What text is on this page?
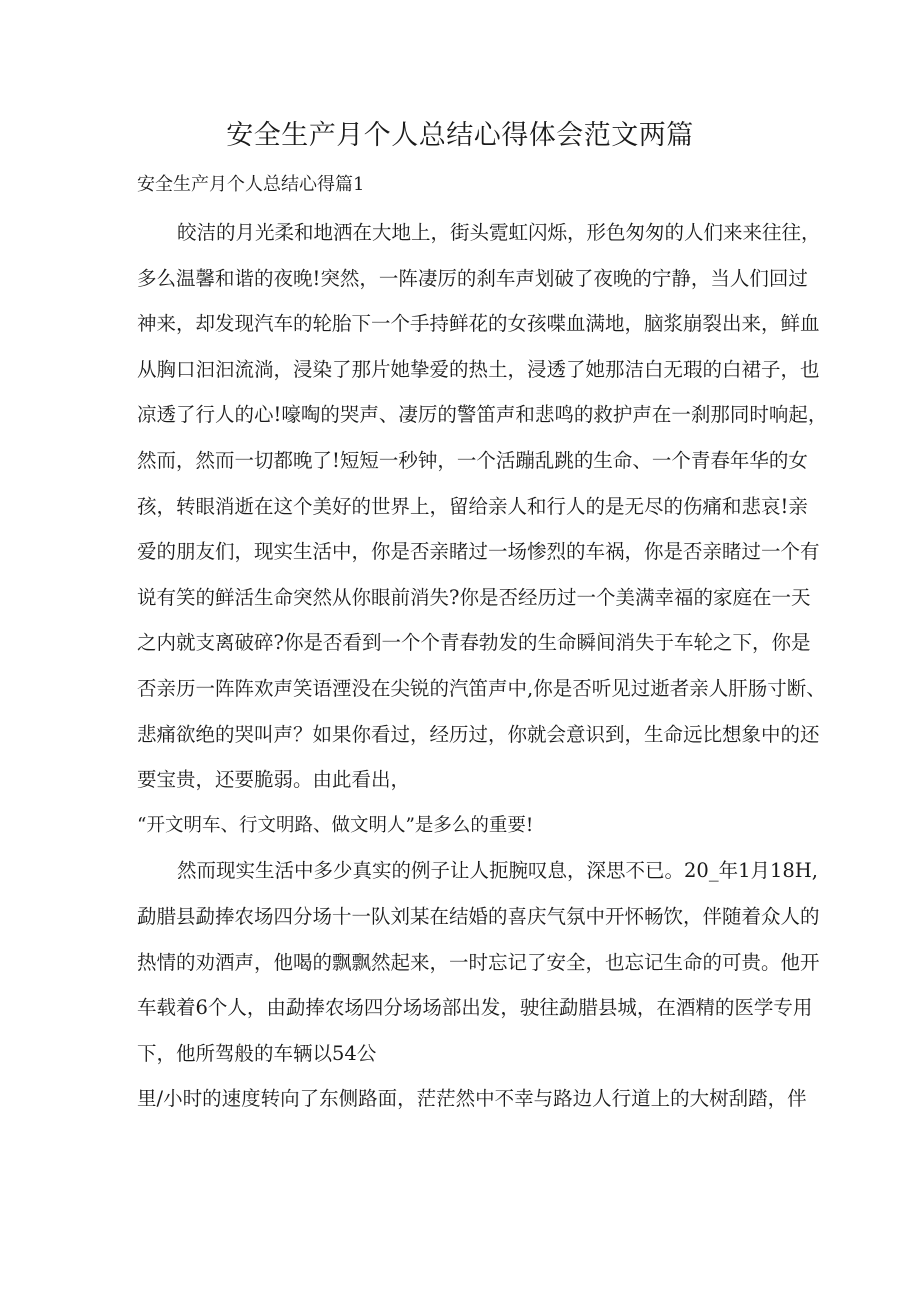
安全生产月个人总结心得体会范文两篇
安全生产月个人总结心得篇1

皎洁的月光柔和地洒在大地上，街头霓虹闪烁，形色匆匆的人们来来往往，

多么温馨和谐的夜晚!突然，一阵凄厉的刹车声划破了夜晚的宁静，当人们回过

神来，却发现汽车的轮胎下一个手持鲜花的女孩喋血满地，脑浆崩裂出来，鲜血

从胸口汩汩流淌，浸染了那片她挚爱的热土，浸透了她那洁白无瑕的白裙子，也

凉透了行人的心!嚎啕的哭声、凄厉的警笛声和悲鸣的救护声在一刹那同时响起，

然而，然而一切都晚了!短短一秒钟，一个活蹦乱跳的生命、一个青春年华的女

孩，转眼消逝在这个美好的世界上，留给亲人和行人的是无尽的伤痛和悲哀!亲

爱的朋友们，现实生活中，你是否亲睹过一场惨烈的车祸，你是否亲睹过一个有

说有笑的鲜活生命突然从你眼前消失?你是否经历过一个美满幸福的家庭在一天

之内就支离破碎?你是否看到一个个青春勃发的生命瞬间消失于车轮之下，你是

否亲历一阵阵欢声笑语湮没在尖锐的汽笛声中,你是否听见过逝者亲人肝肠寸断、

悲痛欲绝的哭叫声？如果你看过，经历过，你就会意识到，生命远比想象中的还

要宝贵，还要脆弱。由此看出，

“开文明车、行文明路、做文明人”是多么的重要!

然而现实生活中多少真实的例子让人扼腕叹息，深思不已。20_年1月18H,

勐腊县勐捧农场四分场十一队刘某在结婚的喜庆气氛中开怀畅饮，伴随着众人的

热情的劝酒声，他喝的飘飘然起来，一时忘记了安全，也忘记生命的可贵。他开

车载着6个人，由勐捧农场四分场场部出发，驶往勐腊县城，在酒精的医学专用

下，他所驾般的车辆以54公

里/小时的速度转向了东侧路面，茫茫然中不幸与路边人行道上的大树刮踏，伴
